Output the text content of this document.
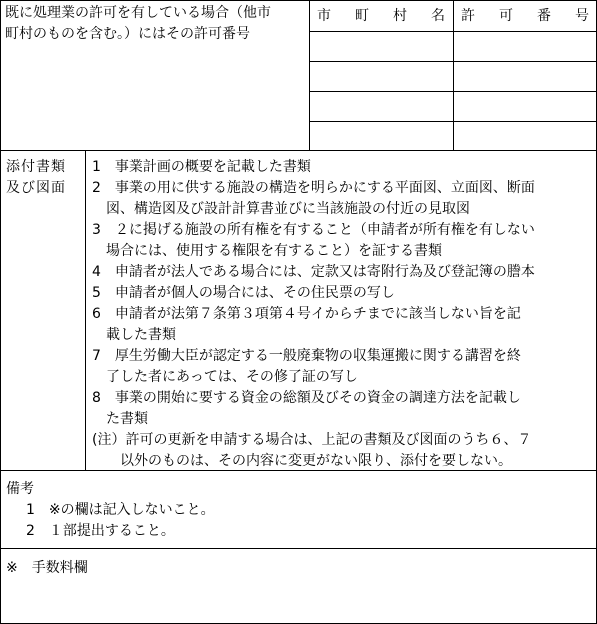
既に処理業の許可を有している場合（他市
町村のものを含む。）にはその許可番号
市 町 村 名 許 可 番 号
添付書類
及び図面
1　事業計画の概要を記載した書類
2　事業の用に供する施設の構造を明らかにする平面図、立面図、断面
　図、構造図及び設計計算書並びに当該施設の付近の見取図
3　２に掲げる施設の所有権を有すること（申請者が所有権を有しない
　場合には、使用する権限を有すること）を証する書類
4　申請者が法人である場合には、定款又は寄附行為及び登記簿の謄本
5　申請者が個人の場合には、その住民票の写し
6　申請者が法第７条第３項第４号イからチまでに該当しない旨を記
　載した書類
7　厚生労働大臣が認定する一般廃棄物の収集運搬に関する講習を終
　了した者にあっては、その修了証の写し
8　事業の開始に要する資金の総額及びその資金の調達方法を記載し
　た書類
(注）許可の更新を申請する場合は、上記の書類及び図面のうち６、７
　　以外のものは、その内容に変更がない限り、添付を要しない。
備考
1　※の欄は記入しないこと。
2　１部提出すること。
※　手数料欄
